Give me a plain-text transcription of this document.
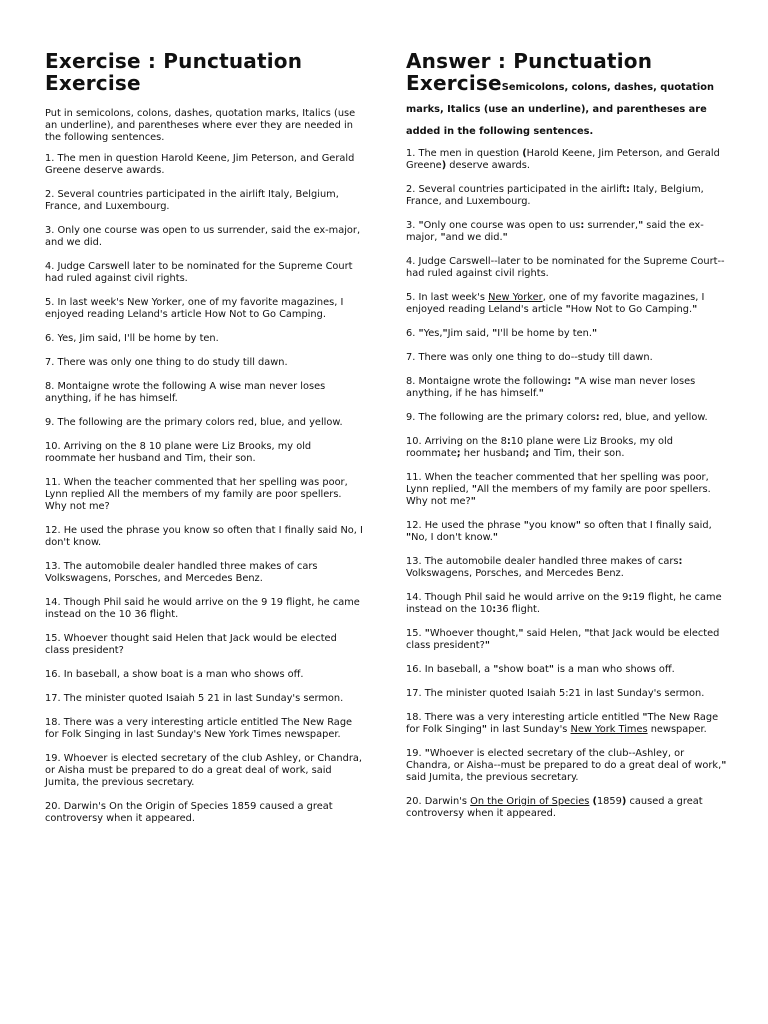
Exercise : Punctuation
Exercise

Put in semicolons, colons, dashes, quotation marks, Italics (use an underline), and parentheses where ever they are needed in the following sentences.

1. The men in question Harold Keene, Jim Peterson, and Gerald Greene deserve awards.

2. Several countries participated in the airlift Italy, Belgium, France, and Luxembourg.

3. Only one course was open to us surrender, said the ex-major, and we did.

4. Judge Carswell later to be nominated for the Supreme Court had ruled against civil rights.

5. In last week's New Yorker, one of my favorite magazines, I enjoyed reading Leland's article How Not to Go Camping.

6. Yes, Jim said, I'll be home by ten.

7. There was only one thing to do study till dawn.

8. Montaigne wrote the following A wise man never loses anything, if he has himself.

9. The following are the primary colors red, blue, and yellow.

10. Arriving on the 8 10 plane were Liz Brooks, my old roommate her husband and Tim, their son.

11. When the teacher commented that her spelling was poor, Lynn replied All the members of my family are poor spellers. Why not me?

12. He used the phrase you know so often that I finally said No, I don't know.

13. The automobile dealer handled three makes of cars Volkswagens, Porsches, and Mercedes Benz.

14. Though Phil said he would arrive on the 9 19 flight, he came instead on the 10 36 flight.

15. Whoever thought said Helen that Jack would be elected class president?

16. In baseball, a show boat is a man who shows off.

17. The minister quoted Isaiah 5 21 in last Sunday's sermon.

18. There was a very interesting article entitled The New Rage for Folk Singing in last Sunday's New York Times newspaper.

19. Whoever is elected secretary of the club Ashley, or Chandra, or Aisha must be prepared to do a great deal of work, said Jumita, the previous secretary.

20. Darwin's On the Origin of Species 1859 caused a great controversy when it appeared.

Answer : Punctuation
ExerciseSemicolons, colons, dashes, quotation marks, Italics (use an underline), and parentheses are added in the following sentences.

1. The men in question (Harold Keene, Jim Peterson, and Gerald Greene) deserve awards.

2. Several countries participated in the airlift: Italy, Belgium, France, and Luxembourg.

3. "Only one course was open to us: surrender," said the ex-major, "and we did."

4. Judge Carswell--later to be nominated for the Supreme Court--had ruled against civil rights.

5. In last week's New Yorker, one of my favorite magazines, I enjoyed reading Leland's article "How Not to Go Camping."

6. "Yes,"Jim said, "I'll be home by ten."

7. There was only one thing to do--study till dawn.

8. Montaigne wrote the following: "A wise man never loses anything, if he has himself."

9. The following are the primary colors: red, blue, and yellow.

10. Arriving on the 8:10 plane were Liz Brooks, my old roommate; her husband; and Tim, their son.

11. When the teacher commented that her spelling was poor, Lynn replied, "All the members of my family are poor spellers. Why not me?"

12. He used the phrase "you know" so often that I finally said, "No, I don't know."

13. The automobile dealer handled three makes of cars: Volkswagens, Porsches, and Mercedes Benz.

14. Though Phil said he would arrive on the 9:19 flight, he came instead on the 10:36 flight.

15. "Whoever thought," said Helen, "that Jack would be elected class president?"

16. In baseball, a "show boat" is a man who shows off.

17. The minister quoted Isaiah 5:21 in last Sunday's sermon.

18. There was a very interesting article entitled "The New Rage for Folk Singing" in last Sunday's New York Times newspaper.

19. "Whoever is elected secretary of the club--Ashley, or Chandra, or Aisha--must be prepared to do a great deal of work," said Jumita, the previous secretary.

20. Darwin's On the Origin of Species (1859) caused a great controversy when it appeared.
